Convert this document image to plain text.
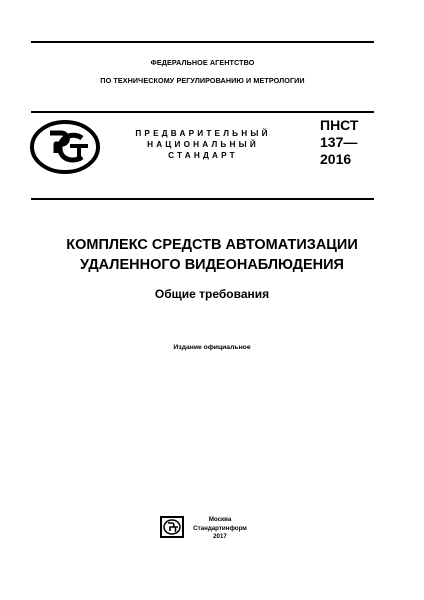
ФЕДЕРАЛЬНОЕ АГЕНТСТВО
ПО ТЕХНИЧЕСКОМУ РЕГУЛИРОВАНИЮ И МЕТРОЛОГИИ
ПРЕДВАРИТЕЛЬНЫЙ
НАЦИОНАЛЬНЫЙ
СТАНДАРТ
ПНСТ
137—
2016
КОМПЛЕКС СРЕДСТВ АВТОМАТИЗАЦИИ
УДАЛЕННОГО ВИДЕОНАБЛЮДЕНИЯ
Общие требования
Издание официальное
Москва
Стандартинформ
2017
